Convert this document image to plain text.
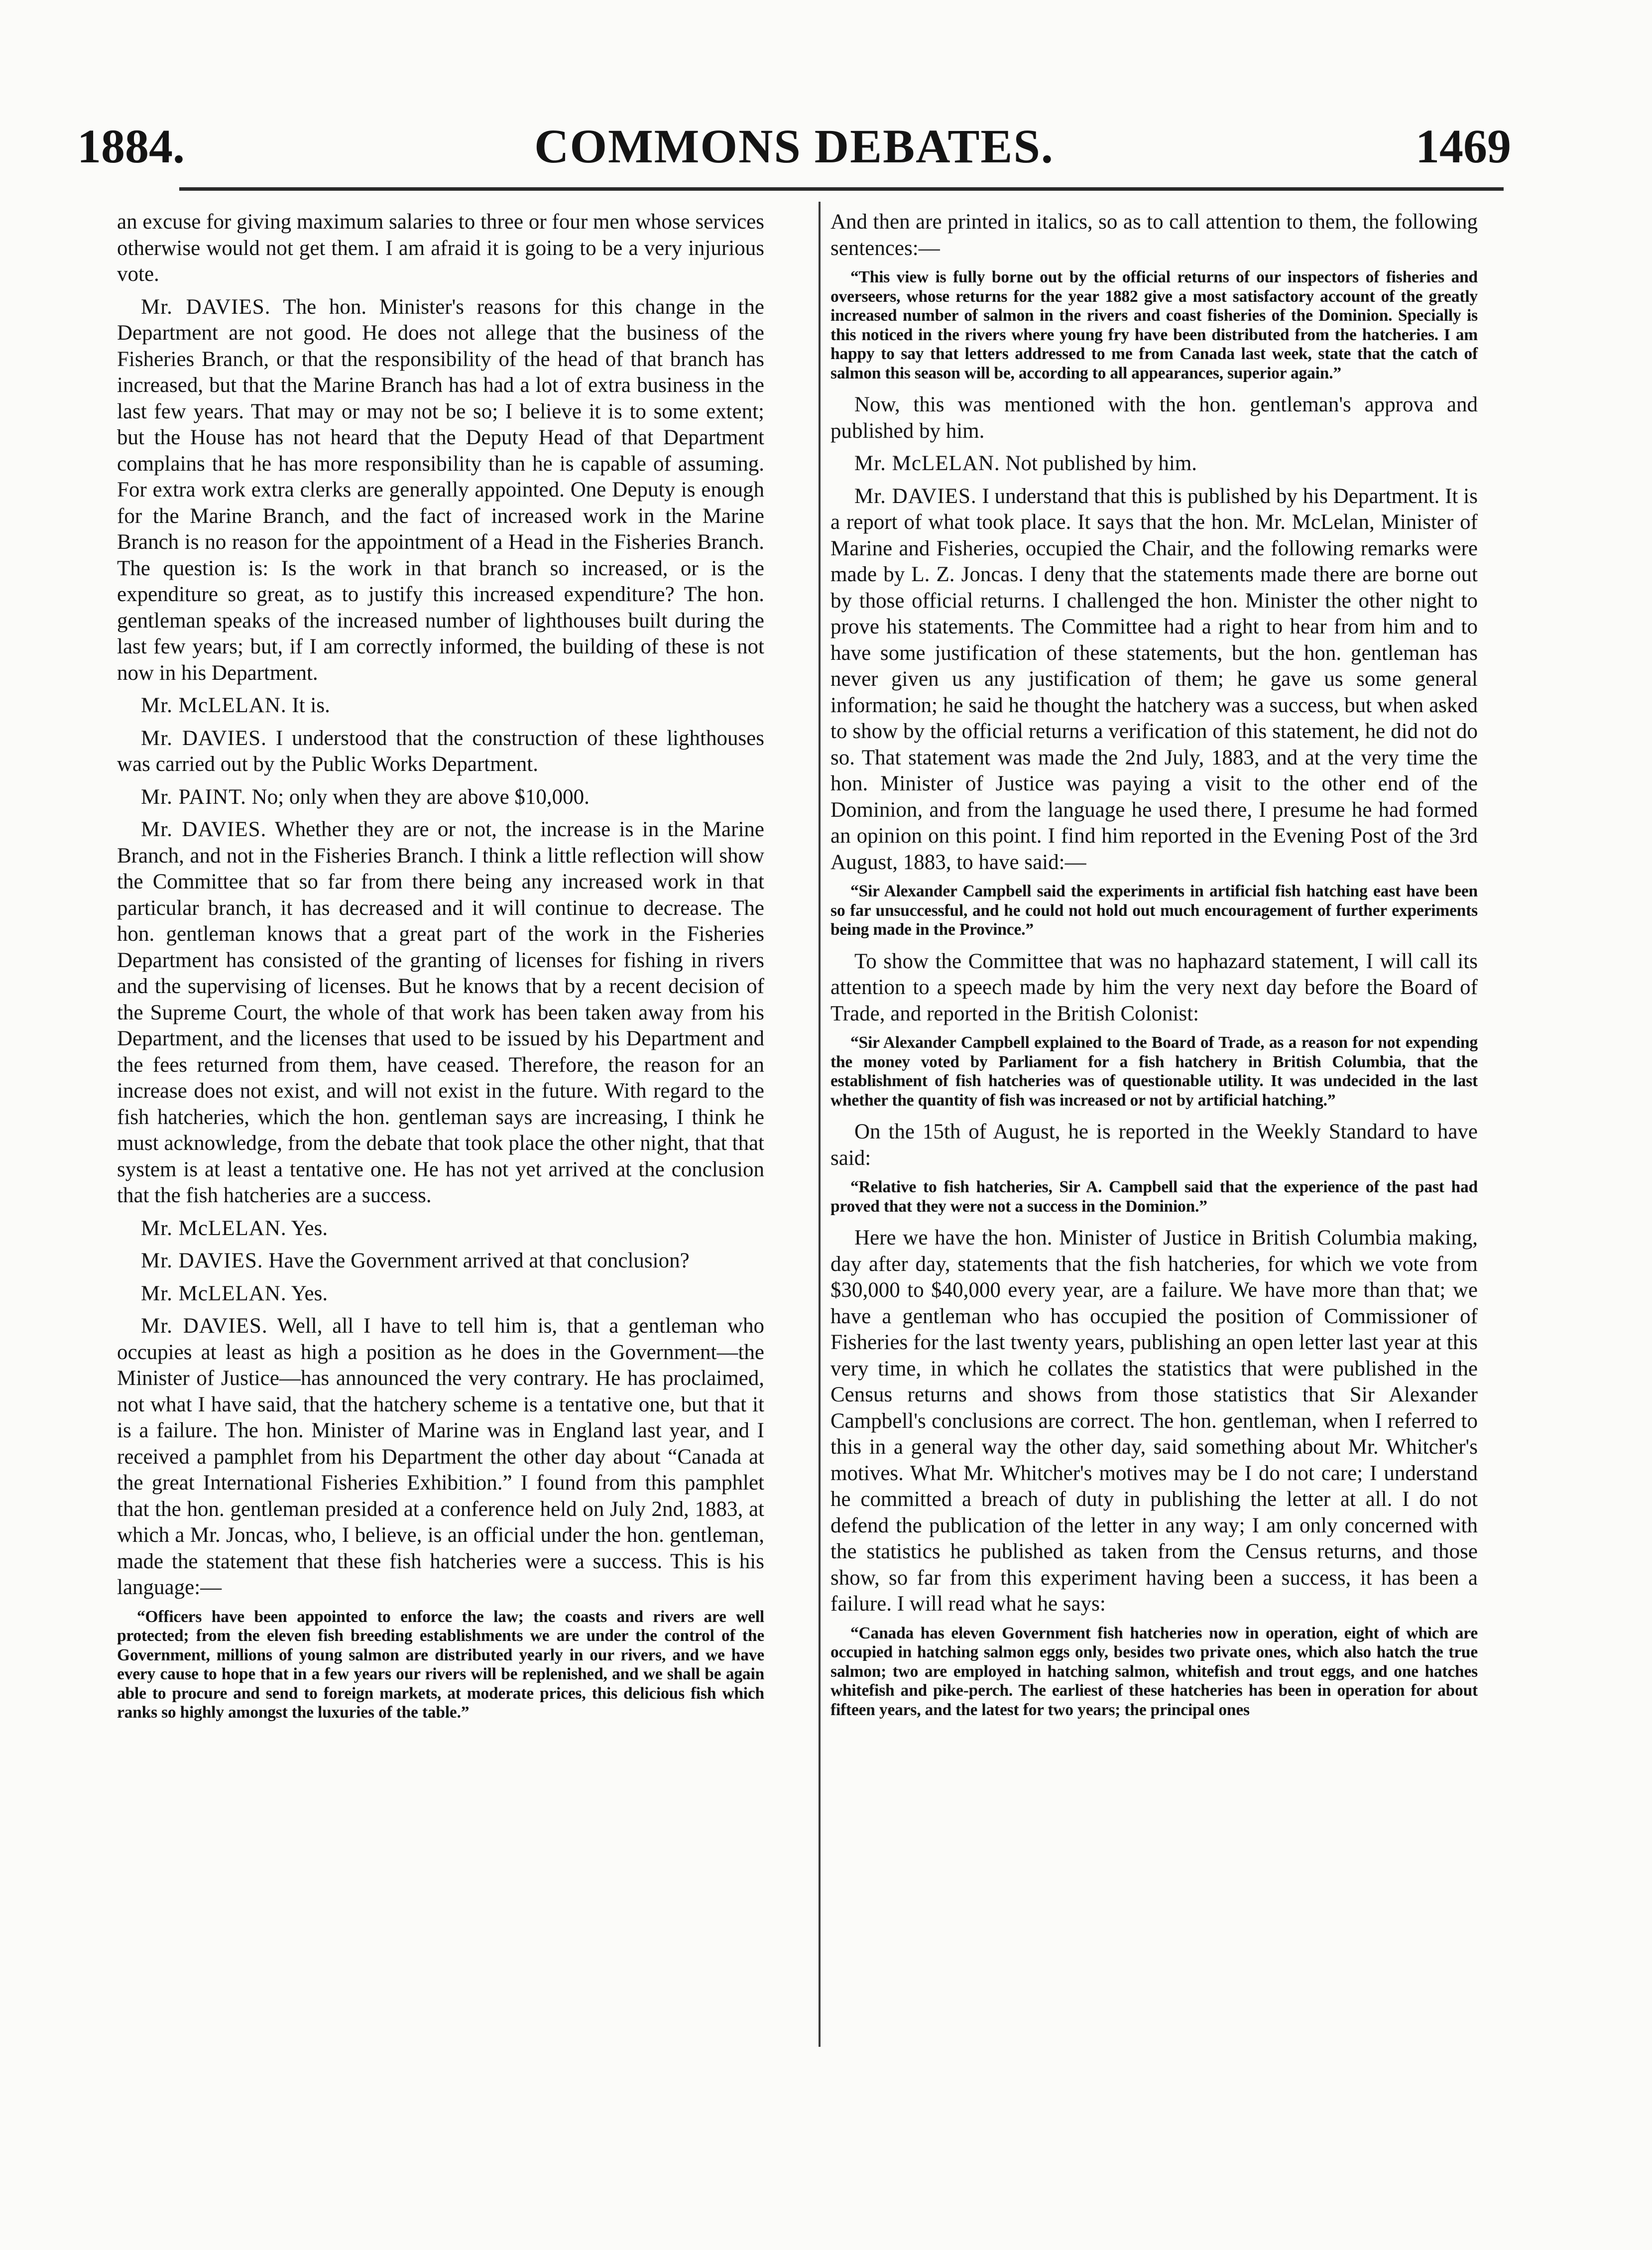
1884.	COMMONS DEBATES.	1469

an excuse for giving maximum salaries to three or four men whose services otherwise would not get them. I am afraid it is going to be a very injurious vote.

Mr. DAVIES. The hon. Minister's reasons for this change in the Department are not good. He does not allege that the business of the Fisheries Branch, or that the responsibility of the head of that branch has increased, but that the Marine Branch has had a lot of extra business in the last few years. That may or may not be so; I believe it is to some extent; but the House has not heard that the Deputy Head of that Department complains that he has more responsibility than he is capable of assuming. For extra work extra clerks are generally appointed. One Deputy is enough for the Marine Branch, and the fact of increased work in the Marine Branch is no reason for the appointment of a Head in the Fisheries Branch. The question is: Is the work in that branch so increased, or is the expenditure so great, as to justify this increased expenditure? The hon. gentleman speaks of the increased number of lighthouses built during the last few years; but, if I am correctly informed, the building of these is not now in his Department.

Mr. McLELAN. It is.

Mr. DAVIES. I understood that the construction of these lighthouses was carried out by the Public Works Department.

Mr. PAINT. No; only when they are above $10,000.

Mr. DAVIES. Whether they are or not, the increase is in the Marine Branch, and not in the Fisheries Branch. I think a little reflection will show the Committee that so far from there being any increased work in that particular branch, it has decreased and it will continue to decrease. The hon. gentleman knows that a great part of the work in the Fisheries Department has consisted of the granting of licenses for fishing in rivers and the supervising of licenses. But he knows that by a recent decision of the Supreme Court, the whole of that work has been taken away from his Department, and the licenses that used to be issued by his Department and the fees returned from them, have ceased. Therefore, the reason for an increase does not exist, and will not exist in the future. With regard to the fish hatcheries, which the hon. gentleman says are increasing, I think he must acknowledge, from the debate that took place the other night, that that system is at least a tentative one. He has not yet arrived at the conclusion that the fish hatcheries are a success.

Mr. McLELAN. Yes.

Mr. DAVIES. Have the Government arrived at that conclusion?

Mr. McLELAN. Yes.

Mr. DAVIES. Well, all I have to tell him is, that a gentleman who occupies at least as high a position as he does in the Government—the Minister of Justice—has announced the very contrary. He has proclaimed, not what I have said, that the hatchery scheme is a tentative one, but that it is a failure. The hon. Minister of Marine was in England last year, and I received a pamphlet from his Department the other day about “Canada at the great International Fisheries Exhibition.” I found from this pamphlet that the hon. gentleman presided at a conference held on July 2nd, 1883, at which a Mr. Joncas, who, I believe, is an official under the hon. gentleman, made the statement that these fish hatcheries were a success. This is his language:—

“Officers have been appointed to enforce the law; the coasts and rivers are well protected; from the eleven fish breeding establishments we are under the control of the Government, millions of young salmon are distributed yearly in our rivers, and we have every cause to hope that in a few years our rivers will be replenished, and we shall be again able to procure and send to foreign markets, at moderate prices, this delicious fish which ranks so highly amongst the luxuries of the table.”

And then are printed in italics, so as to call attention to them, the following sentences:—

“This view is fully borne out by the official returns of our inspectors of fisheries and overseers, whose returns for the year 1882 give a most satisfactory account of the greatly increased number of salmon in the rivers and coast fisheries of the Dominion. Specially is this noticed in the rivers where young fry have been distributed from the hatcheries. I am happy to say that letters addressed to me from Canada last week, state that the catch of salmon this season will be, according to all appearances, superior again.”

Now, this was mentioned with the hon. gentleman's approva and published by him.

Mr. McLELAN. Not published by him.

Mr. DAVIES. I understand that this is published by his Department. It is a report of what took place. It says that the hon. Mr. McLelan, Minister of Marine and Fisheries, occupied the Chair, and the following remarks were made by L. Z. Joncas. I deny that the statements made there are borne out by those official returns. I challenged the hon. Minister the other night to prove his statements. The Committee had a right to hear from him and to have some justification of these statements, but the hon. gentleman has never given us any justification of them; he gave us some general information; he said he thought the hatchery was a success, but when asked to show by the official returns a verification of this statement, he did not do so. That statement was made the 2nd July, 1883, and at the very time the hon. Minister of Justice was paying a visit to the other end of the Dominion, and from the language he used there, I presume he had formed an opinion on this point. I find him reported in the Evening Post of the 3rd August, 1883, to have said:—

“Sir Alexander Campbell said the experiments in artificial fish hatching east have been so far unsuccessful, and he could not hold out much encouragement of further experiments being made in the Province.”

To show the Committee that was no haphazard statement, I will call its attention to a speech made by him the very next day before the Board of Trade, and reported in the British Colonist:

“Sir Alexander Campbell explained to the Board of Trade, as a reason for not expending the money voted by Parliament for a fish hatchery in British Columbia, that the establishment of fish hatcheries was of questionable utility. It was undecided in the last whether the quantity of fish was increased or not by artificial hatching.”

On the 15th of August, he is reported in the Weekly Standard to have said:

“Relative to fish hatcheries, Sir A. Campbell said that the experience of the past had proved that they were not a success in the Dominion.”

Here we have the hon. Minister of Justice in British Columbia making, day after day, statements that the fish hatcheries, for which we vote from $30,000 to $40,000 every year, are a failure. We have more than that; we have a gentleman who has occupied the position of Commissioner of Fisheries for the last twenty years, publishing an open letter last year at this very time, in which he collates the statistics that were published in the Census returns and shows from those statistics that Sir Alexander Campbell's conclusions are correct. The hon. gentleman, when I referred to this in a general way the other day, said something about Mr. Whitcher's motives. What Mr. Whitcher's motives may be I do not care; I understand he committed a breach of duty in publishing the letter at all. I do not defend the publication of the letter in any way; I am only concerned with the statistics he published as taken from the Census returns, and those show, so far from this experiment having been a success, it has been a failure. I will read what he says:

“Canada has eleven Government fish hatcheries now in operation, eight of which are occupied in hatching salmon eggs only, besides two private ones, which also hatch the true salmon; two are employed in hatching salmon, whitefish and trout eggs, and one hatches whitefish and pike-perch. The earliest of these hatcheries has been in operation for about fifteen years, and the latest for two years; the principal ones
